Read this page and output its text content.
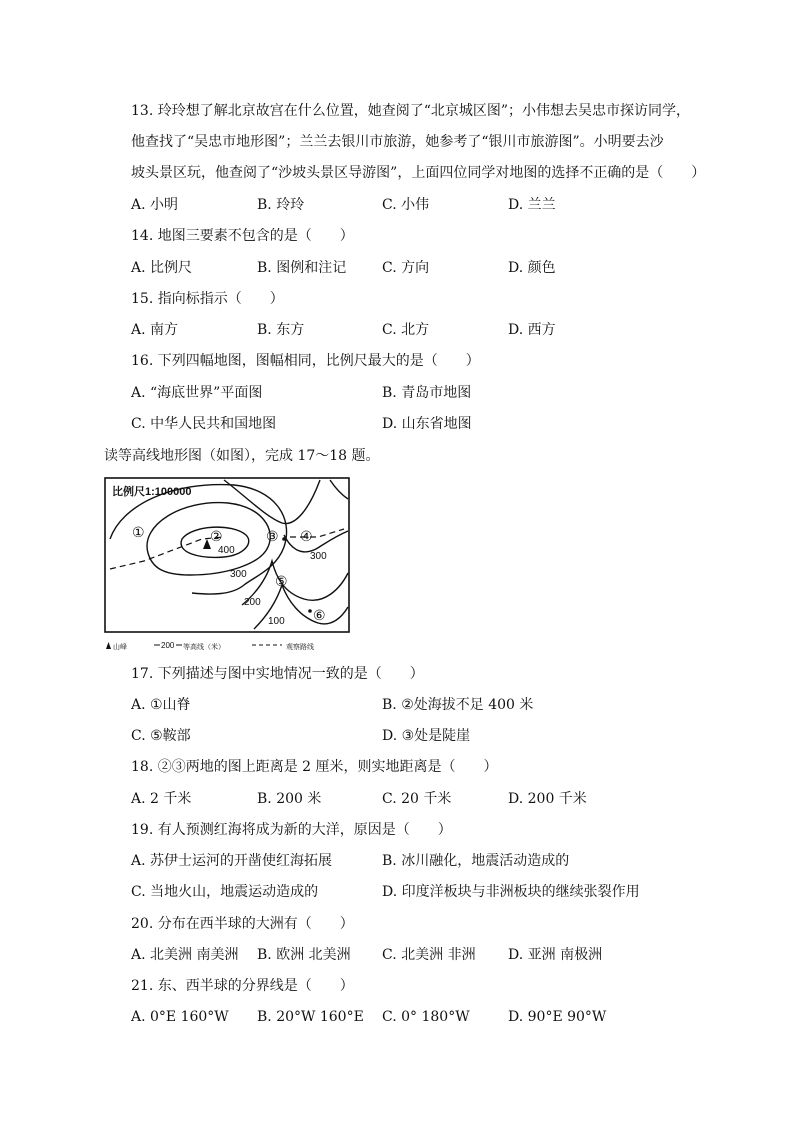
13. 玲玲想了解北京故宫在什么位置，她查阅了“北京城区图”；小伟想去吴忠市探访同学，
他查找了“吴忠市地形图”；兰兰去银川市旅游，她参考了“银川市旅游图”。小明要去沙
坡头景区玩，他查阅了“沙坡头景区导游图”，上面四位同学对地图的选择不正确的是（　　）
A. 小明	B. 玲玲	C. 小伟	D. 兰兰
14. 地图三要素不包含的是（　　）
A. 比例尺	B. 图例和注记	C. 方向	D. 颜色
15. 指向标指示（　　）
A. 南方	B. 东方	C. 北方	D. 西方
16. 下列四幅地图，图幅相同，比例尺最大的是（　　）
A. “海底世界”平面图	B. 青岛市地图
C. 中华人民共和国地图	D. 山东省地图
读等高线地形图（如图），完成 17～18 题。
比例尺1:100000
400
300
300
200
100
①	②	③ ④
⑤
⑥
山峰	200 等高线（米）	观察路线
17. 下列描述与图中实地情况一致的是（　　）
A. ①山脊	B. ②处海拔不足 400 米
C. ⑤鞍部	D. ③处是陡崖
18. ②③两地的图上距离是 2 厘米，则实地距离是（　　）
A. 2 千米	B. 200 米	C. 20 千米	D. 200 千米
19. 有人预测红海将成为新的大洋，原因是（　　）
A. 苏伊士运河的开凿使红海拓展	B. 冰川融化，地震活动造成的
C. 当地火山，地震运动造成的	D. 印度洋板块与非洲板块的继续张裂作用
20. 分布在西半球的大洲有（　　）
A. 北美洲 南美洲 B. 欧洲 北美洲 C. 北美洲 非洲 D. 亚洲 南极洲
21. 东、西半球的分界线是（　　）
A. 0°E 160°W B. 20°W 160°E C. 0° 180°W	D. 90°E 90°W
